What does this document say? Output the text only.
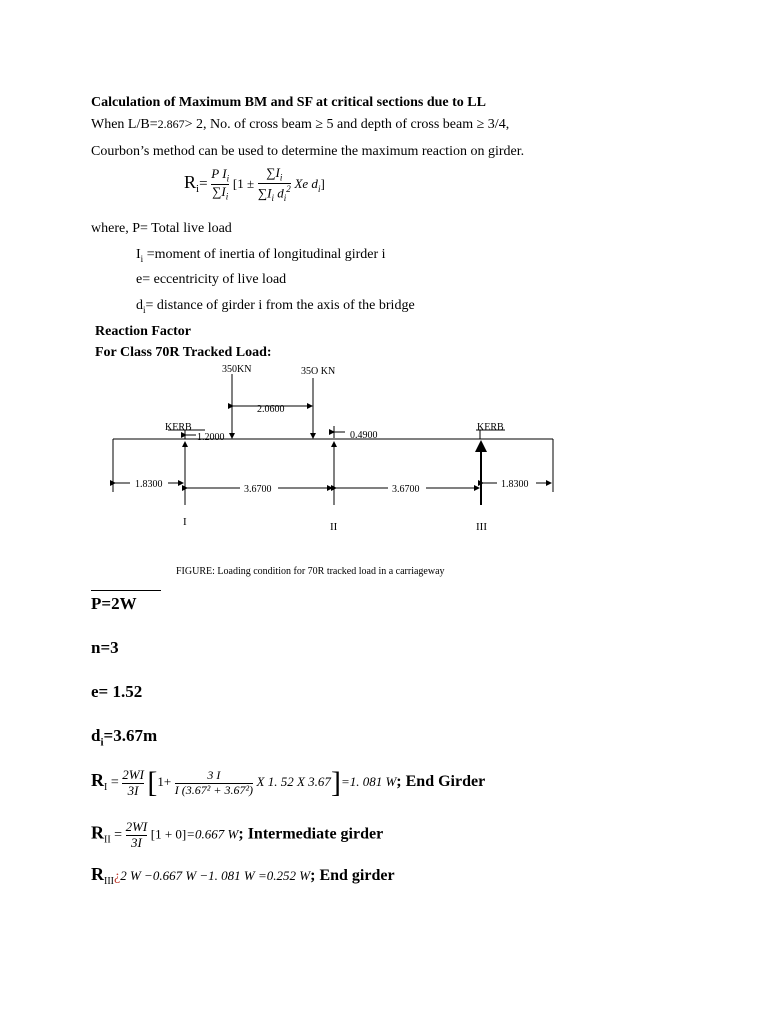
Calculation of Maximum BM and SF at critical sections due to LL
When L/B=2.867> 2, No. of cross beam ≥ 5 and depth of cross beam ≥ 3/4,
Courbon’s method can be used to determine the maximum reaction on girder.
$R_i= \frac{P I_i}{\sum I_i} [1 \pm \frac{\sum I_i}{\sum I_i d_i^2}$ Xe $d_i$]
where, P= Total live load
$I_i$ =moment of inertia of longitudinal girder i
e= eccentricity of live load
$d_i=$ distance of girder i from the axis of the bridge
Reaction Factor
For Class 70R Tracked Load:
KERB	KERB
350KN	35O KN
2.0600
1.2000	0.4900
1.8300	3.6700	3.6700	1.8300
I	II	III
FIGURE: Loading condition for 70R tracked load in a carriageway
P=2W
n=3
e= 1.52
$d_i=3.67m$
$R_I = \frac{2WI}{3I} [1+ \frac{3 I}{\text{I (3.67² + 3.67²)}}$ X 1. 52 X 3.67]=1. 081 W; End Girder
$R_{II} = \frac{2WI}{3I} [1 + 0]=0.667$ W; Intermediate girder
$R_{III}¿2$ W −0.667 W −1. 081 W =0.252 W; End girder
